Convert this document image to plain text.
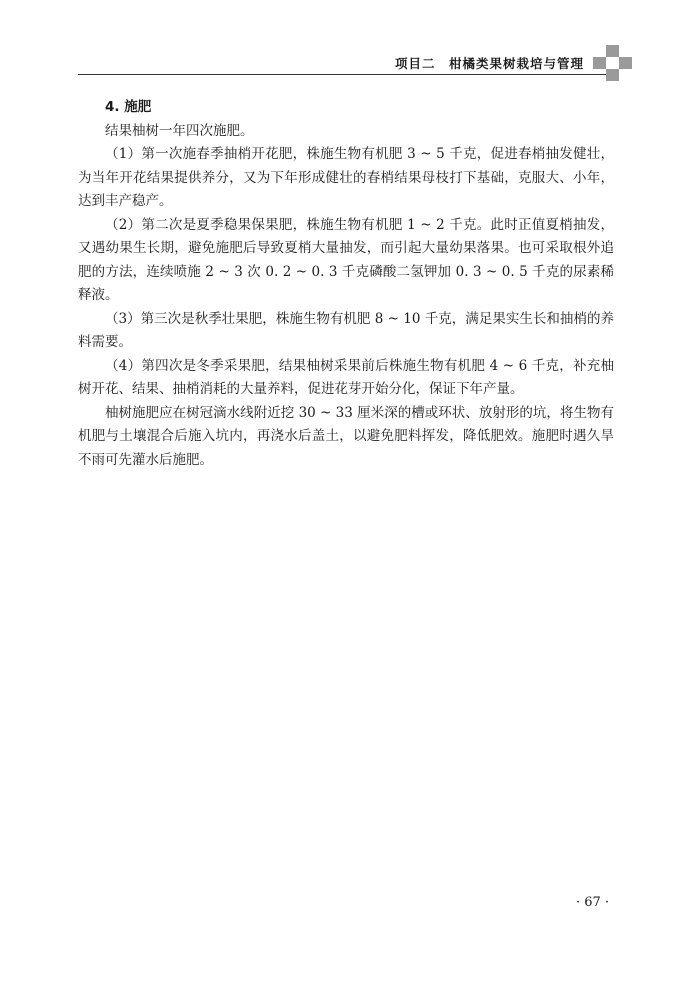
项目二　柑橘类果树栽培与管理

4. 施肥

结果柚树一年四次施肥。

（1）第一次施春季抽梢开花肥，株施生物有机肥 3 ~ 5 千克，促进春梢抽发健壮，为当年开花结果提供养分，又为下年形成健壮的春梢结果母枝打下基础，克服大、小年，达到丰产稳产。

（2）第二次是夏季稳果保果肥，株施生物有机肥 1 ~ 2 千克。此时正值夏梢抽发，又遇幼果生长期，避免施肥后导致夏梢大量抽发，而引起大量幼果落果。也可采取根外追肥的方法，连续喷施 2 ~ 3 次 0. 2 ~ 0. 3 千克磷酸二氢钾加 0. 3 ~ 0. 5 千克的尿素稀释液。

（3）第三次是秋季壮果肥，株施生物有机肥 8 ~ 10 千克，满足果实生长和抽梢的养料需要。

（4）第四次是冬季采果肥，结果柚树采果前后株施生物有机肥 4 ~ 6 千克，补充柚树开花、结果、抽梢消耗的大量养料，促进花芽开始分化，保证下年产量。

柚树施肥应在树冠滴水线附近挖 30 ~ 33 厘米深的槽或环状、放射形的坑，将生物有机肥与土壤混合后施入坑内，再浇水后盖土，以避免肥料挥发，降低肥效。施肥时遇久旱不雨可先灌水后施肥。

· 67 ·
